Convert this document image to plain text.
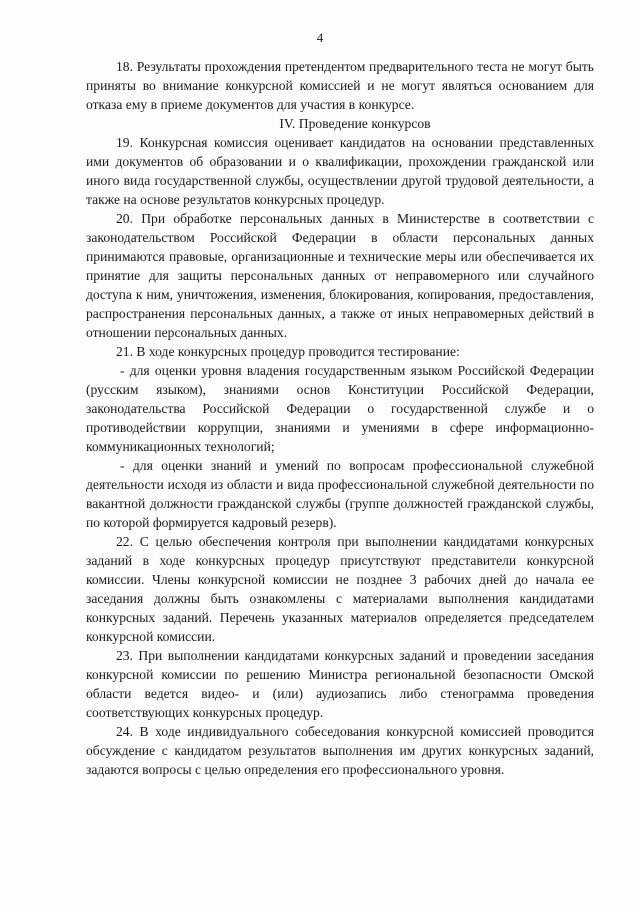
4

18. Результаты прохождения претендентом предварительного теста не могут быть приняты во внимание конкурсной комиссией и не могут являться основанием для отказа ему в приеме документов для участия в конкурсе.

IV. Проведение конкурсов

19. Конкурсная комиссия оценивает кандидатов на основании представленных ими документов об образовании и о квалификации, прохождении гражданской или иного вида государственной службы, осуществлении другой трудовой деятельности, а также на основе результатов конкурсных процедур.

20. При обработке персональных данных в Министерстве в соответствии с законодательством Российской Федерации в области персональных данных принимаются правовые, организационные и технические меры или обеспечивается их принятие для защиты персональных данных от неправомерного или случайного доступа к ним, уничтожения, изменения, блокирования, копирования, предоставления, распространения персональных данных, а также от иных неправомерных действий в отношении персональных данных.

21. В ходе конкурсных процедур проводится тестирование:

- для оценки уровня владения государственным языком Российской Федерации (русским языком), знаниями основ Конституции Российской Федерации, законодательства Российской Федерации о государственной службе и о противодействии коррупции, знаниями и умениями в сфере информационно-коммуникационных технологий;

- для оценки знаний и умений по вопросам профессиональной служебной деятельности исходя из области и вида профессиональной служебной деятельности по вакантной должности гражданской службы (группе должностей гражданской службы, по которой формируется кадровый резерв).

22. С целью обеспечения контроля при выполнении кандидатами конкурсных заданий в ходе конкурсных процедур присутствуют представители конкурсной комиссии. Члены конкурсной комиссии не позднее 3 рабочих дней до начала ее заседания должны быть ознакомлены с материалами выполнения кандидатами конкурсных заданий. Перечень указанных материалов определяется председателем конкурсной комиссии.

23. При выполнении кандидатами конкурсных заданий и проведении заседания конкурсной комиссии по решению Министра региональной безопасности Омской области ведется видео- и (или) аудиозапись либо стенограмма проведения соответствующих конкурсных процедур.

24. В ходе индивидуального собеседования конкурсной комиссией проводится обсуждение с кандидатом результатов выполнения им других конкурсных заданий, задаются вопросы с целью определения его профессионального уровня.
